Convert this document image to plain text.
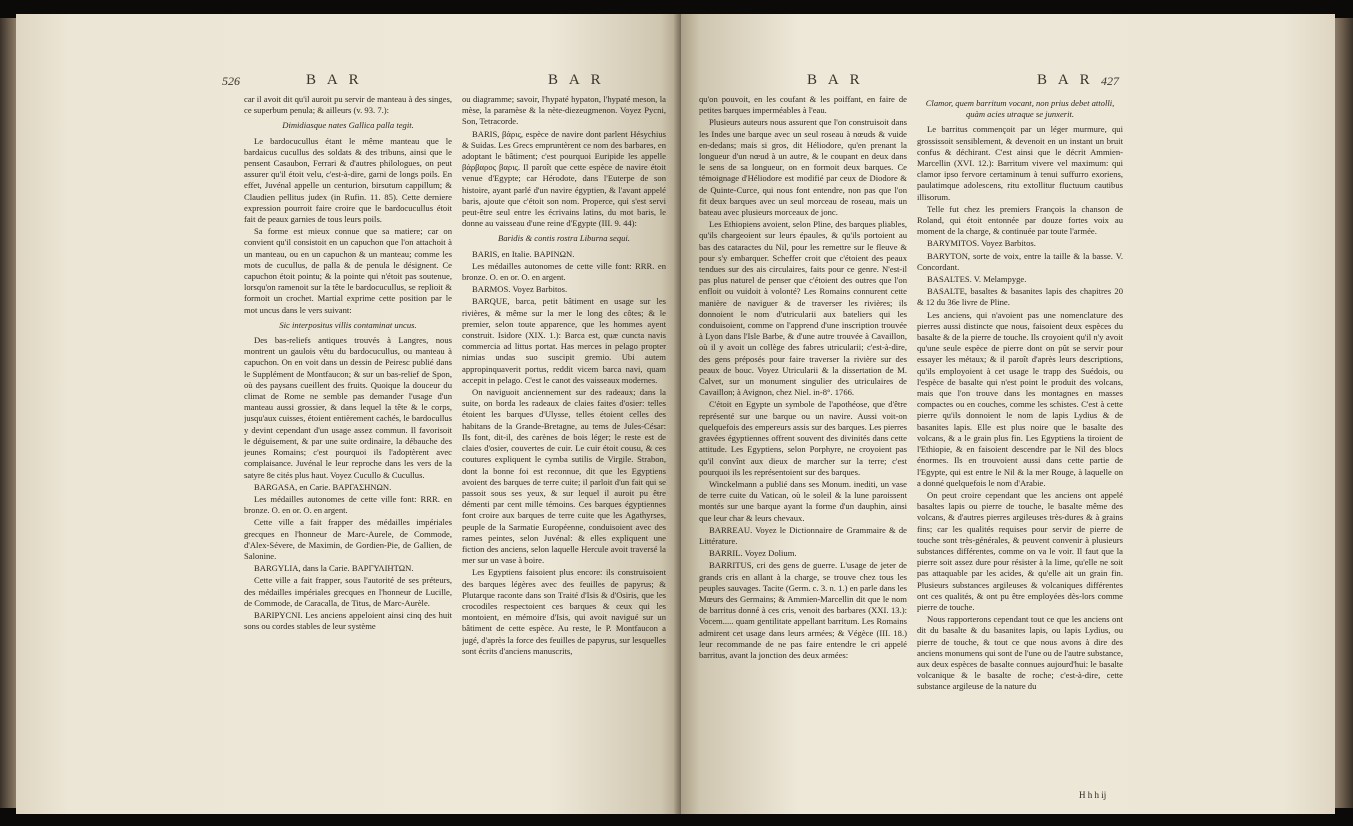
526	B A R	B A R

car il avoit dit qu'il auroit pu servir de manteau à des singes, ce superbum penula; & ailleurs (v. 93. 7.):

Dimidiasque nates Gallica palla tegit.

Le bardocucullus étant le même manteau que le bardaicus cucullus des soldats & des tribuns, ainsi que le pensent Casaubon, Ferrari & d'autres philologues, on peut assurer qu'il étoit velu, c'est-à-dire, garni de longs poils. En effet, Juvénal appelle un centurion, birsutum cappillum; & Claudien pellitus judex (in Rufin. 11. 85). Cette derniere expression pourroit faire croire que le bardocucullus étoit fait de peaux garnies de tous leurs poils.

Sa forme est mieux connue que sa matiere; car on convient qu'il consistoit en un capuchon que l'on attachoit à un manteau, ou en un capuchon & un manteau; comme les mots de cucullus, de palla & de penula le désignent. Ce capuchon étoit pointu; & la pointe qui n'étoit pas soutenue, lorsqu'on ramenoit sur la tête le bardocucullus, se replioit & formoit un crochet. Martial exprime cette position par le mot uncus dans le vers suivant:

Sic interpositus villis contaminat uncus.

Des bas-reliefs antiques trouvés à Langres, nous montrent un gaulois vêtu du bardocucullus, ou manteau à capuchon. On en voit dans un dessin de Peiresc publié dans le Supplément de Montfaucon; & sur un bas-relief de Spon, où des paysans cueillent des fruits. Quoique la douceur du climat de Rome ne semble pas demander l'usage d'un manteau aussi grossier, & dans lequel la tête & le corps, jusqu'aux cuisses, étoient entièrement cachés, le bardocullus y devint cependant d'un usage assez commun. Il favorisoit le déguisement, & par une suite ordinaire, la débauche des jeunes Romains; c'est pourquoi ils l'adoptèrent avec complaisance. Juvénal le leur reproche dans les vers de la satyre 8e cités plus haut. Voyez Cucullo & Cucullus.

BARGASA, en Carie. ΒΑΡΓΑΣΗΝΩΝ.

Les médailles autonomes de cette ville font: RRR. en bronze. O. en or. O. en argent.

Cette ville a fait frapper des médailles impériales grecques en l'honneur de Marc-Aurele, de Commode, d'Alex-Sévere, de Maximin, de Gordien-Pie, de Gallien, de Salonine.

BARGYLIA, dans la Carie. ΒΑΡΓΥΛΙΗΤΩΝ.

Cette ville a fait frapper, sous l'autorité de ses préteurs, des médailles impériales grecques en l'honneur de Lucille, de Commode, de Caracalla, de Titus, de Marc-Aurèle.

BARIPYCNI. Les anciens appeloient ainsi cinq des huit sons ou cordes stables de leur système

ou diagramme; savoir, l'hypaté hypaton, l'hypaté meson, la mèse, la paramèse & la nète-diezeugmenon. Voyez Pycni, Son, Tetracorde.

BARIS, βάρις, espèce de navire dont parlent Hésychius & Suidas. Les Grecs empruntèrent ce nom des barbares, en adoptant le bâtiment; c'est pourquoi Euripide les appelle βάρβαρος βαρις. Il paroît que cette espèce de navire étoit venue d'Egypte; car Hérodote, dans l'Euterpe de son histoire, ayant parlé d'un navire égyptien, & l'avant appelé baris, ajoute que c'étoit son nom. Properce, qui s'est servi peut-être seul entre les écrivains latins, du mot baris, le donne au vaisseau d'une reine d'Egypte (III. 9. 44):

Baridis & contis rostra Liburna sequi.

BARIS, en Italie. ΒΑΡΙΝΩΝ.

Les médailles autonomes de cette ville font: RRR. en bronze. O. en or. O. en argent.

BARMOS. Voyez Barbitos.

BARQUE, barca, petit bâtiment en usage sur les rivières, & même sur la mer le long des côtes; & le premier, selon toute apparence, que les hommes ayent construit. Isidore (XIX. 1.): Barca est, quæ cuncta navis commercia ad littus portat. Has merces in pelago propter nimias undas suo suscipit gremio. Ubi autem appropinquaverit portus, reddit vicem barca navi, quam accepit in pelago. C'est le canot des vaisseaux modernes.

On naviguoit anciennement sur des radeaux; dans la suite, on borda les radeaux de claies faites d'osier: telles étoient les barques d'Ulysse, telles étoient celles des habitans de la Grande-Bretagne, au tems de Jules-César: Ils font, dit-il, des carènes de bois léger; le reste est de claies d'osier, couvertes de cuir. Le cuir étoit cousu, & ces coutures expliquent le cymba sutilis de Virgile. Strabon, dont la bonne foi est reconnue, dit que les Egyptiens avoient des barques de terre cuite; il parloit d'un fait qui se passoit sous ses yeux, & sur lequel il auroit pu être démenti par cent mille témoins. Ces barques égyptiennes font croire aux barques de terre cuite que les Agathyrses, peuple de la Sarmatie Européenne, conduisoient avec des rames peintes, selon Juvénal: & elles expliquent une fiction des anciens, selon laquelle Hercule avoit traversé la mer sur un vase à boire.

Les Egyptiens faisoient plus encore: ils construisoient des barques légères avec des feuilles de papyrus; & Plutarque raconte dans son Traité d'Isis & d'Osiris, que les crocodiles respectoient ces barques & ceux qui les montoient, en mémoire d'Isis, qui avoit navigué sur un bâtiment de cette espèce. Au reste, le P. Montfaucon a jugé, d'après la force des feuilles de papyrus, sur lesquelles sont écrits d'anciens manuscrits,

B A R	B A R 427

qu'on pouvoit, en les coufant & les poiffant, en faire de petites barques imperméables à l'eau.

Plusieurs auteurs nous assurent que l'on construisoit dans les Indes une barque avec un seul roseau à nœuds & vuide en-dedans; mais si gros, dit Héliodore, qu'en prenant la longueur d'un nœud à un autre, & le coupant en deux dans le sens de sa longueur, on en formoit deux barques. Ce témoignage d'Héliodore est modifié par ceux de Diodore & de Quinte-Curce, qui nous font entendre, non pas que l'on fit deux barques avec un seul morceau de roseau, mais un bateau avec plusieurs morceaux de jonc.

Les Ethiopiens avoient, selon Pline, des barques pliables, qu'ils chargeoient sur leurs épaules, & qu'ils portoient au bas des cataractes du Nil, pour les remettre sur le fleuve & pour s'y embarquer. Scheffer croit que c'étoient des peaux tendues sur des ais circulaires, faits pour ce genre. N'est-il pas plus naturel de penser que c'étoient des outres que l'on enfloit ou vuidoit à volonté? Les Romains connurent cette manière de naviguer & de traverser les rivières; ils donnoient le nom d'utricularii aux bateliers qui les conduisoient, comme on l'apprend d'une inscription trouvée à Lyon dans l'Isle Barbe, & d'une autre trouvée à Cavaillon, où il y avoit un collège des fabres utricularii; c'est-à-dire, des gens préposés pour faire traverser la rivière sur des peaux de bouc. Voyez Utricularii & la dissertation de M. Calvet, sur un monument singulier des utriculaires de Cavaillon; à Avignon, chez Niel. in-8°. 1766.

C'étoit en Egypte un symbole de l'apothéose, que d'être représenté sur une barque ou un navire. Aussi voit-on quelquefois des empereurs assis sur des barques. Les pierres gravées égyptiennes offrent souvent des divinités dans cette attitude. Les Egyptiens, selon Porphyre, ne croyoient pas qu'il convînt aux dieux de marcher sur la terre; c'est pourquoi ils les représentoient sur des barques.

Winckelmann a publié dans ses Monum. inediti, un vase de terre cuite du Vatican, où le soleil & la lune paroissent montés sur une barque ayant la forme d'un dauphin, ainsi que leur char & leurs chevaux.

BARREAU. Voyez le Dictionnaire de Grammaire & de Littérature.

BARRIL. Voyez Dolium.

BARRITUS, cri des gens de guerre. L'usage de jeter de grands cris en allant à la charge, se trouve chez tous les peuples sauvages. Tacite (Germ. c. 3. n. 1.) en parle dans les Mœurs des Germains; & Ammien-Marcellin dit que le nom de barritus donné à ces cris, venoit des barbares (XXI. 13.): Vocem..... quam gentilitate appellant barritum. Les Romains admirent cet usage dans leurs armées; & Végèce (III. 18.) leur recommande de ne pas faire entendre le cri appelé barritus, avant la jonction des deux armées:

Clamor, quem barritum vocant, non prius debet attolli, quàm acies utraque se junxerit.

Le barritus commençoit par un léger murmure, qui grossissoit sensiblement, & devenoit en un instant un bruit confus & déchirant. C'est ainsi que le décrit Ammien-Marcellin (XVI. 12.): Barritum vivere vel maximum: qui clamor ipso fervore certaminum à tenui suffurro exoriens, paulatimque adolescens, ritu extollitur fluctuum cautibus illisorum.

Telle fut chez les premiers François la chanson de Roland, qui étoit entonnée par douze fortes voix au moment de la charge, & continuée par toute l'armée.

BARYMITOS. Voyez Barbitos.

BARYTON, sorte de voix, entre la taille & la basse. V. Concordant.

BASALTES. V. Melampyge.

BASALTE, basaltes & basanites lapis des chapitres 20 & 12 du 36e livre de Pline.

Les anciens, qui n'avoient pas une nomenclature des pierres aussi distincte que nous, faisoient deux espèces du basalte & de la pierre de touche. Ils croyoient qu'il n'y avoit qu'une seule espèce de pierre dont on pût se servir pour essayer les métaux; & il paroît d'après leurs descriptions, qu'ils employoient à cet usage le trapp des Suédois, ou l'espèce de basalte qui n'est point le produit des volcans, mais que l'on trouve dans les montagnes en masses compactes ou en couches, comme les schistes. C'est à cette pierre qu'ils donnoient le nom de lapis Lydius & de basanites lapis. Elle est plus noire que le basalte des volcans, & a le grain plus fin. Les Egyptiens la tiroient de l'Ethiopie, & en faisoient descendre par le Nil des blocs énormes. Ils en trouvoient aussi dans cette partie de l'Egypte, qui est entre le Nil & la mer Rouge, à laquelle on a donné quelquefois le nom d'Arabie.

On peut croire cependant que les anciens ont appelé basaltes lapis ou pierre de touche, le basalte même des volcans, & d'autres pierres argileuses très-dures & à grains fins; car les qualités requises pour servir de pierre de touche sont très-générales, & peuvent convenir à plusieurs substances différentes, comme on va le voir. Il faut que la pierre soit assez dure pour résister à la lime, qu'elle ne soit pas attaquable par les acides, & qu'elle ait un grain fin. Plusieurs substances argileuses & volcaniques différentes ont ces qualités, & ont pu être employées dès-lors comme pierre de touche.

Nous rapporterons cependant tout ce que les anciens ont dit du basalte & du basanites lapis, ou lapis Lydius, ou pierre de touche, & tout ce que nous avons à dire des anciens monumens qui sont de l'une ou de l'autre substance, aux deux espèces de basalte connues aujourd'hui: le basalte volcanique & le basalte de roche; c'est-à-dire, cette substance argileuse de la nature du

H h h ij
